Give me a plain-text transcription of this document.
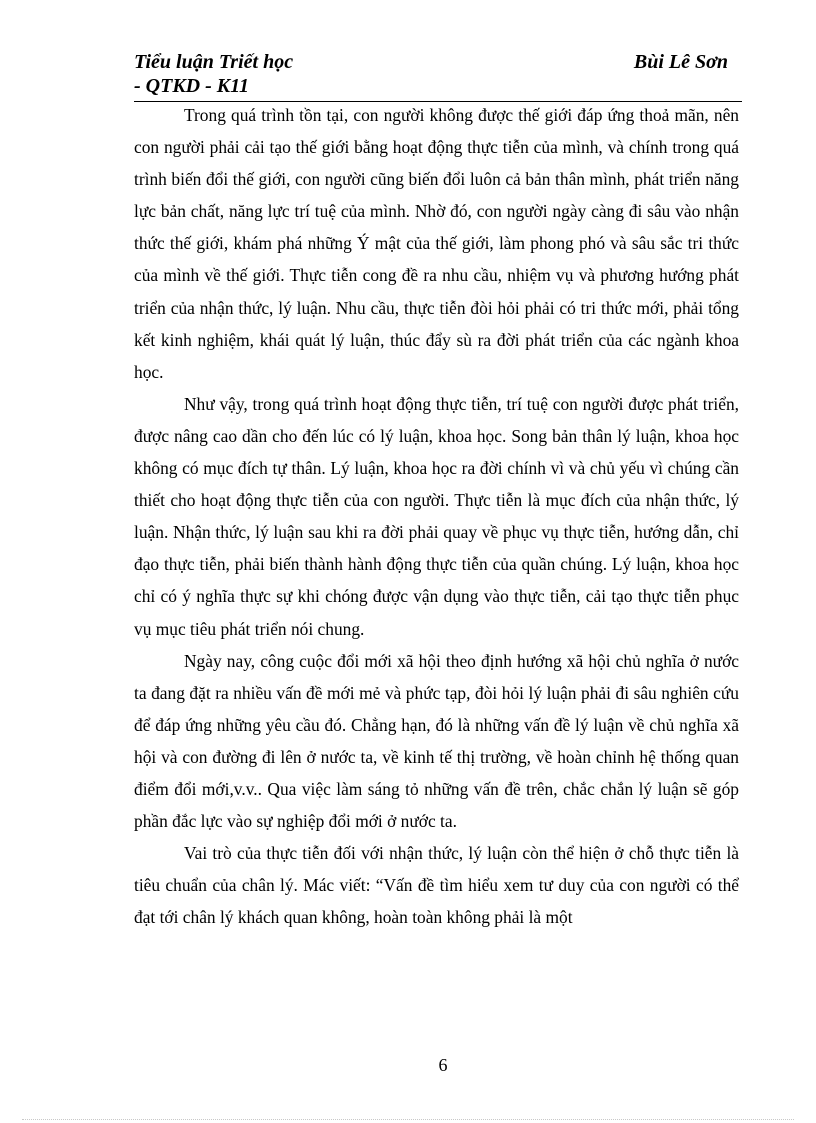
Tiểu luận Triết học
- QTKD - K11
Bùi Lê Sơn

Trong quá trình tồn tại, con người không được thế giới đáp ứng thoả mãn, nên con người phải cải tạo thế giới bằng hoạt động thực tiễn của mình, và chính trong quá trình biến đổi thế giới, con người cũng biến đổi luôn cả bản thân mình, phát triển năng lực bản chất, năng lực trí tuệ của mình. Nhờ đó, con người ngày càng đi sâu vào nhận thức thế giới, khám phá những Ý mật của thế giới, làm phong phó và sâu sắc tri thức của mình về thế giới. Thực tiễn cong đề ra nhu cầu, nhiệm vụ và phương hướng phát triển của nhận thức, lý luận. Nhu cầu, thực tiễn đòi hỏi phải có tri thức mới, phải tổng kết kinh nghiệm, khái quát lý luận, thúc đẩy sù ra đời phát triển của các ngành khoa học.

Như vậy, trong quá trình hoạt động thực tiễn, trí tuệ con người được phát triển, được nâng cao dần cho đến lúc có lý luận, khoa học. Song bản thân lý luận, khoa học không có mục đích tự thân. Lý luận, khoa học ra đời chính vì và chủ yếu vì chúng cần thiết cho hoạt động thực tiễn của con người. Thực tiễn là mục đích của nhận thức, lý luận. Nhận thức, lý luận sau khi ra đời phải quay về phục vụ thực tiễn, hướng dẫn, chỉ đạo thực tiễn, phải biến thành hành động thực tiễn của quần chúng. Lý luận, khoa học chỉ có ý nghĩa thực sự khi chóng được vận dụng vào thực tiễn, cải tạo thực tiễn phục vụ mục tiêu phát triển nói chung.

Ngày nay, công cuộc đổi mới xã hội theo định hướng xã hội chủ nghĩa ở nước ta đang đặt ra nhiều vấn đề mới mẻ và phức tạp, đòi hỏi lý luận phải đi sâu nghiên cứu để đáp ứng những yêu cầu đó. Chẳng hạn, đó là những vấn đề lý luận về chủ nghĩa xã hội và con đường đi lên ở nước ta, về kinh tế thị trường, về hoàn chỉnh hệ thống quan điểm đổi mới,v.v.. Qua việc làm sáng tỏ những vấn đề trên, chắc chắn lý luận sẽ góp phần đắc lực vào sự nghiệp đổi mới ở nước ta.

Vai trò của thực tiễn đối với nhận thức, lý luận còn thể hiện ở chỗ thực tiễn là tiêu chuẩn của chân lý. Mác viết: “Vấn đề tìm hiểu xem tư duy của con người có thể đạt tới chân lý khách quan không, hoàn toàn không phải là một

6
